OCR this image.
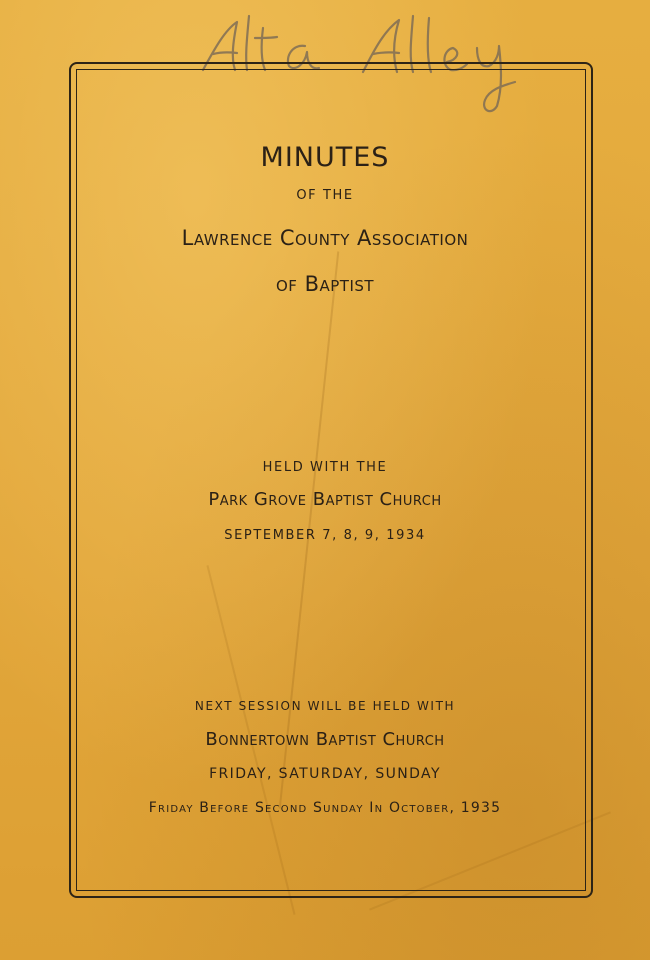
MINUTES
OF THE
Lawrence County Association
of Baptist
HELD WITH THE
Park Grove Baptist Church
SEPTEMBER 7, 8, 9, 1934
NEXT SESSION WILL BE HELD WITH
Bonnertown Baptist Church
FRIDAY, SATURDAY, SUNDAY
Friday Before Second Sunday In October, 1935
